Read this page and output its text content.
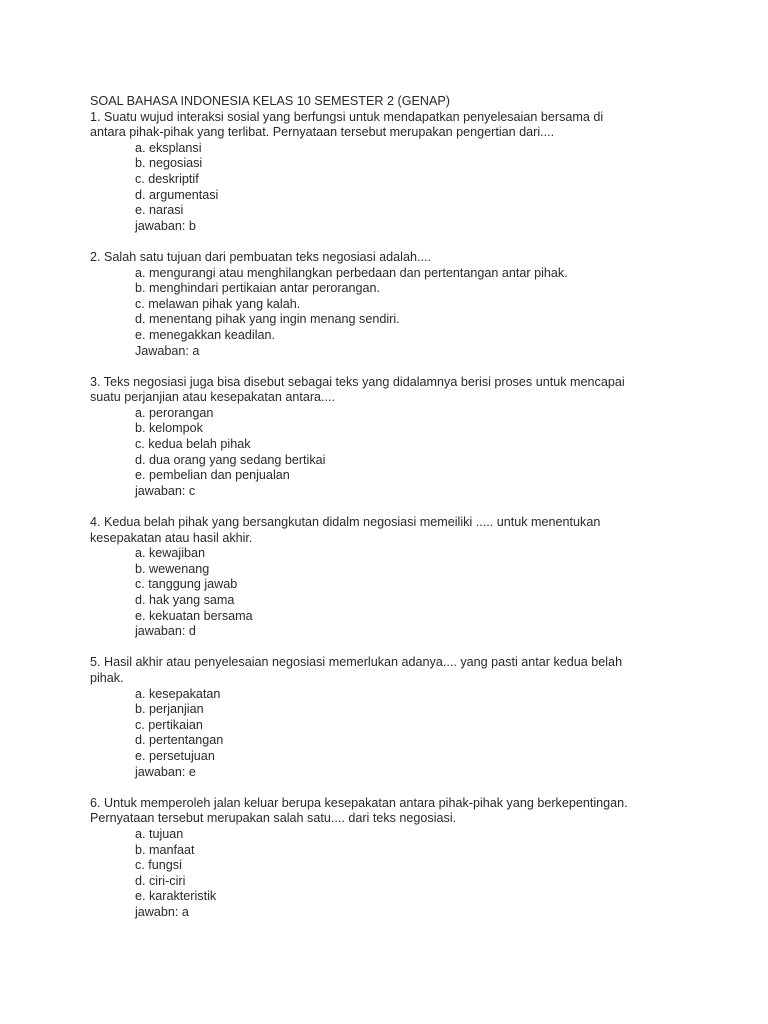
SOAL BAHASA INDONESIA KELAS 10 SEMESTER 2 (GENAP)

1. Suatu wujud interaksi sosial yang berfungsi untuk mendapatkan penyelesaian bersama di
antara pihak-pihak yang terlibat. Pernyataan tersebut merupakan pengertian dari....

a. eksplansi
b. negosiasi
c. deskriptif
d. argumentasi
e. narasi

jawaban: b

2. Salah satu tujuan dari pembuatan teks negosiasi adalah....

a. mengurangi atau menghilangkan perbedaan dan pertentangan antar pihak.
b. menghindari pertikaian antar perorangan.
c. melawan pihak yang kalah.
d. menentang pihak yang ingin menang sendiri.
e. menegakkan keadilan.

Jawaban: a

3. Teks negosiasi juga bisa disebut sebagai teks yang didalamnya berisi proses untuk mencapai
suatu perjanjian atau kesepakatan antara....

a. perorangan
b. kelompok
c. kedua belah pihak
d. dua orang yang sedang bertikai
e. pembelian dan penjualan

jawaban: c

4. Kedua belah pihak yang bersangkutan didalm negosiasi memeiliki ..... untuk menentukan
kesepakatan atau hasil akhir.

a. kewajiban
b. wewenang
c. tanggung jawab
d. hak yang sama
e. kekuatan bersama

jawaban: d

5. Hasil akhir atau penyelesaian negosiasi memerlukan adanya.... yang pasti antar kedua belah
pihak.

a. kesepakatan
b. perjanjian
c. pertikaian
d. pertentangan
e. persetujuan

jawaban: e

6. Untuk memperoleh jalan keluar berupa kesepakatan antara pihak-pihak yang berkepentingan.
Pernyataan tersebut merupakan salah satu.... dari teks negosiasi.

a. tujuan
b. manfaat
c. fungsi
d. ciri-ciri
e. karakteristik

jawabn: a
